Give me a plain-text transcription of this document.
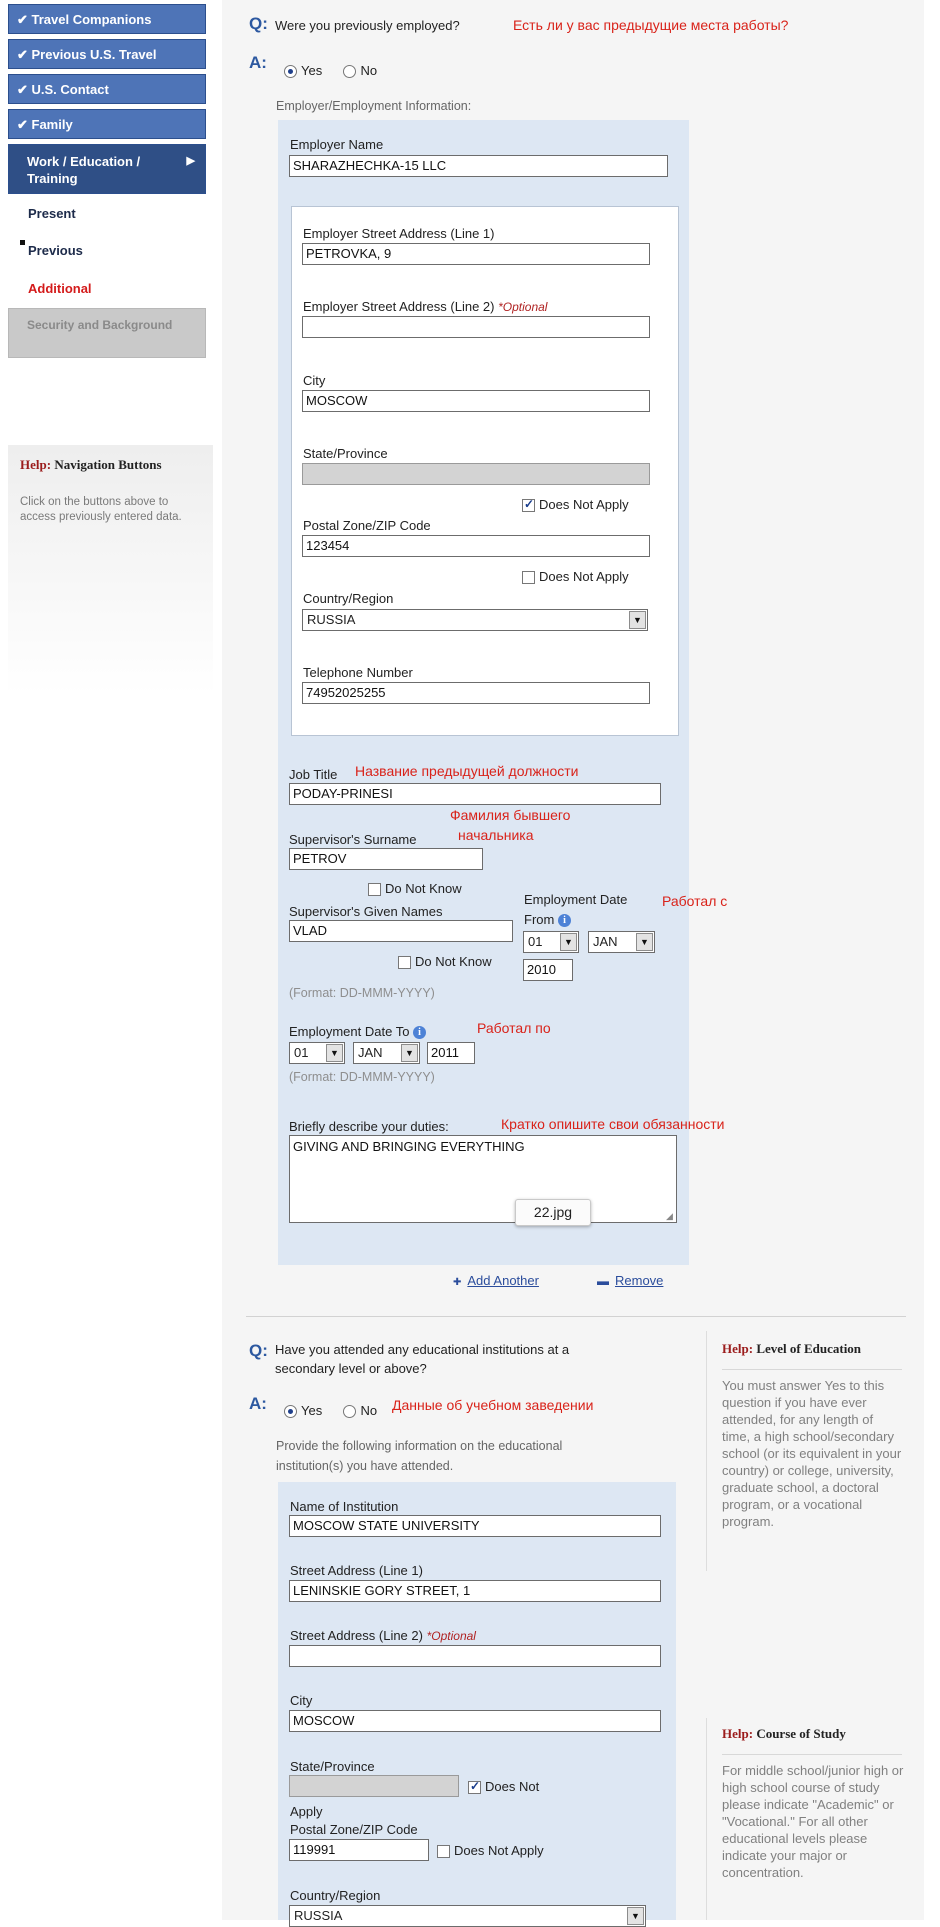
✔ Travel Companions
✔ Previous U.S. Travel
✔ U.S. Contact
✔ Family
Work / Education / Training
▶
Present
Previous
Additional
Security and Background
Help: Navigation Buttons
Click on the buttons above to access previously entered data.
Q: Were you previously employed?	Есть ли у вас предыдущие места работы?
A:	Yes	No
Employer/Employment Information:
Employer Name
SHARAZHECHKA-15 LLC
Employer Street Address (Line 1)
PETROVKA, 9
Employer Street Address (Line 2) *Optional
City
MOSCOW
State/Province
✓Does Not Apply
Postal Zone/ZIP Code
123454
Does Not Apply
Country/Region
RUSSIA	▼
Telephone Number
74952025255
Job Title Название предыдущей должности
PODAY-PRINESI
Фамилия бывшего
начальника
Supervisor's Surname
PETROV
Do Not Know
Supervisor's Given Names
VLAD
Do Not Know
Employment Date
From i
Работал с
01	▼	JAN	▼
2010
(Format: DD-MMM-YYYY)
Employment Date To i	Работал по
01	▼	JAN	▼	2011
(Format: DD-MMM-YYYY)
Briefly describe your duties:	Кратко опишите свои обязанности
GIVING AND BRINGING EVERYTHING
◢
22.jpg
✚ Add Another	▬ Remove
Q: Have you attended any educational institutions at a
secondary level or above?
A:	Yes	No Данные об учебном заведении
Provide the following information on the educational
institution(s) you have attended.
Name of Institution
MOSCOW STATE UNIVERSITY
Street Address (Line 1)
LENINSKIE GORY STREET, 1
Street Address (Line 2) *Optional
City
MOSCOW
State/Province
✓Does Not
Apply
Postal Zone/ZIP Code
119991	Does Not Apply
Country/Region
RUSSIA	▼
Help: Level of Education
You must answer Yes to this question if you have ever attended, for any length of time, a high school/secondary school (or its equivalent in your country) or college, university, graduate school, a doctoral program, or a vocational program.
Help: Course of Study
For middle school/junior high or high school course of study please indicate "Academic" or "Vocational." For all other educational levels please indicate your major or concentration.
